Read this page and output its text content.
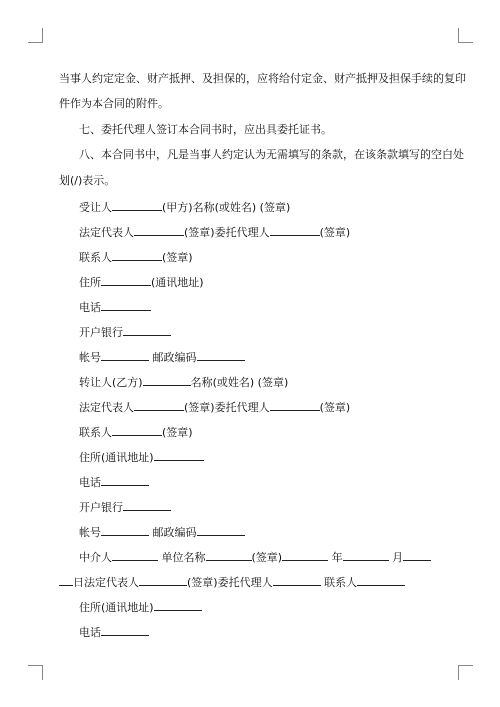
当事人约定定金、财产抵押、及担保的，应将给付定金、财产抵押及担保手续的复印
件作为本合同的附件。
七、委托代理人签订本合同书时，应出具委托证书。
八、本合同书中，凡是当事人约定认为无需填写的条款，在该条款填写的空白处
划(/)表示。
受让人	(甲方)名称(或姓名) (签章)
法定代表人	(签章)委托代理人	(签章)
联系人	(签章)
住所	(通讯地址)
电话
开户银行
帐号	邮政编码
转让人(乙方)	名称(或姓名) (签章)
法定代表人	(签章)委托代理人	(签章)
联系人	(签章)
住所(通讯地址)
电话
开户银行
帐号	邮政编码
中介人	单位名称	(签章)	年	月
日法定代表人	(签章)委托代理人	联系人
住所(通讯地址)
电话
